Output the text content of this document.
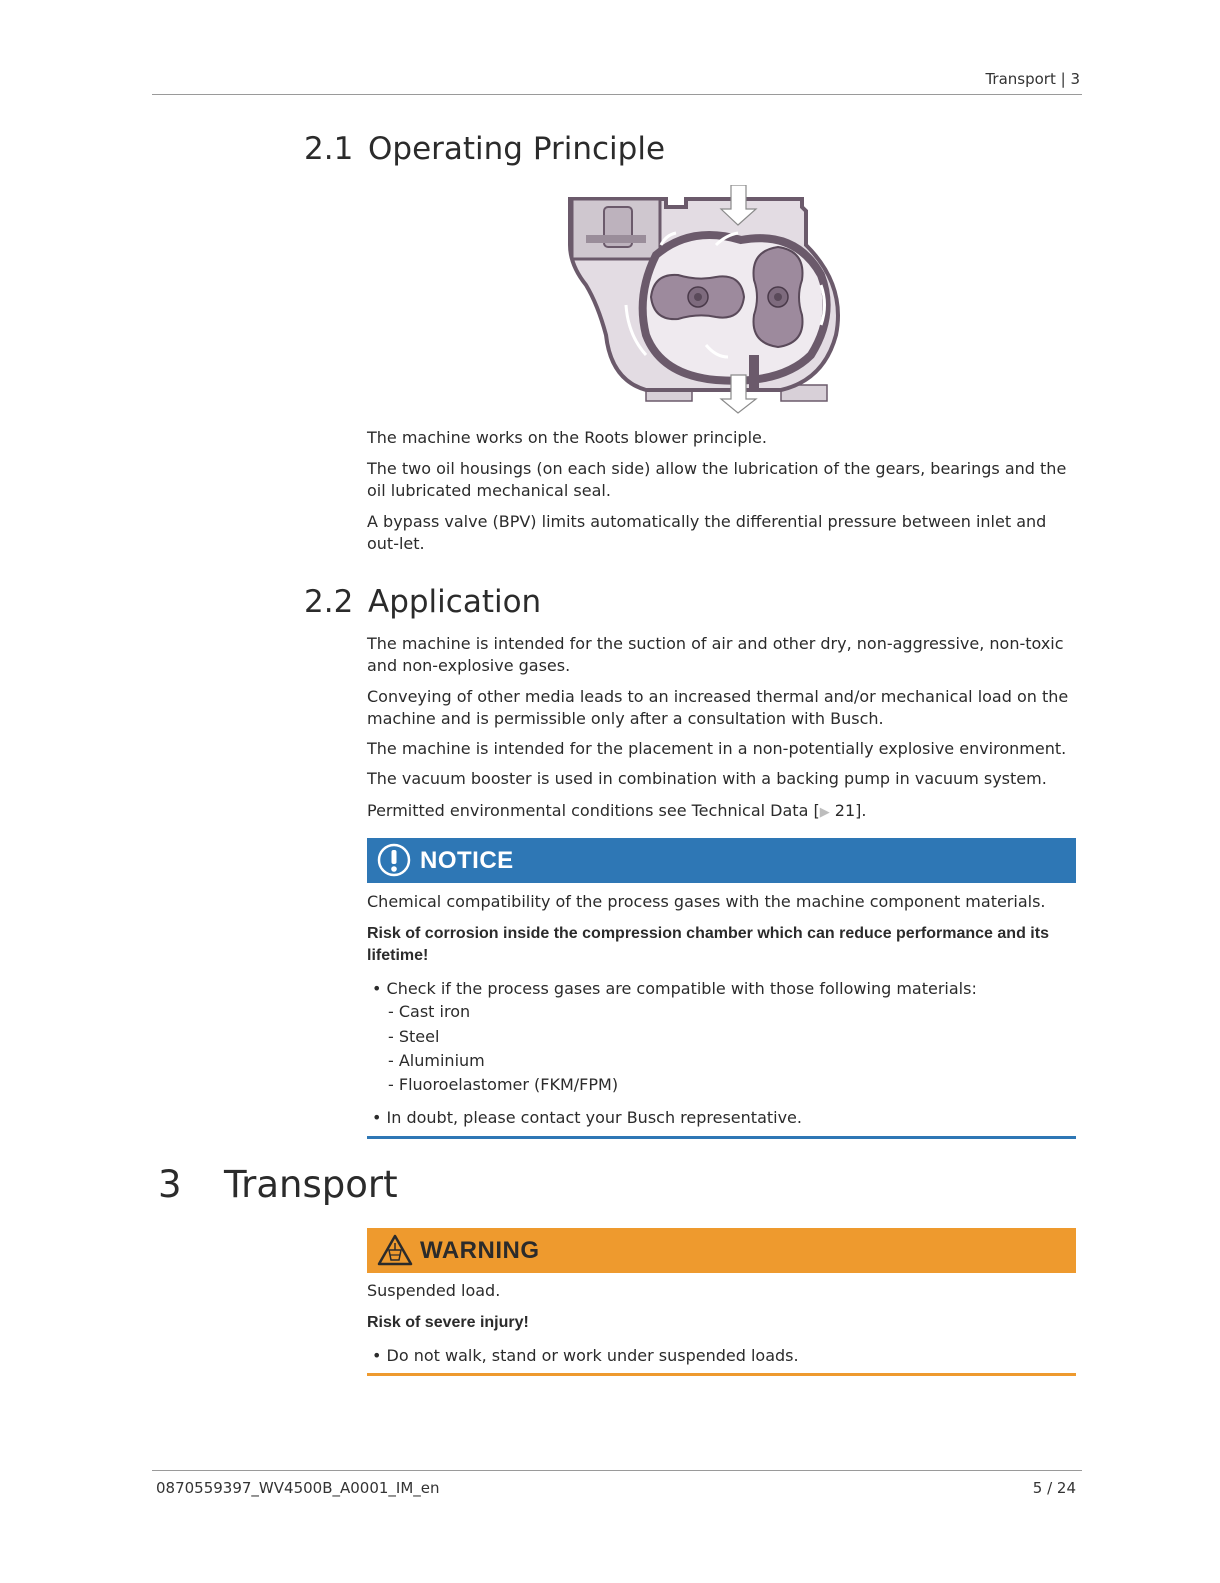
Transport | 3
2.1 Operating Principle

The machine works on the Roots blower principle.

The two oil housings (on each side) allow the lubrication of the gears, bearings and the oil lubricated mechanical seal.

A bypass valve (BPV) limits automatically the differential pressure between inlet and out-let.

2.2 Application

The machine is intended for the suction of air and other dry, non-aggressive, non-toxic and non-explosive gases.

Conveying of other media leads to an increased thermal and/or mechanical load on the machine and is permissible only after a consultation with Busch.

The machine is intended for the placement in a non-potentially explosive environment.

The vacuum booster is used in combination with a backing pump in vacuum system.

Permitted environmental conditions see Technical Data [▶ 21].

NOTICE

Chemical compatibility of the process gases with the machine component materials.

Risk of corrosion inside the compression chamber which can reduce performance and its lifetime!

• Check if the process gases are compatible with those following materials:
- Cast iron
- Steel
- Aluminium
- Fluoroelastomer (FKM/FPM)
• In doubt, please contact your Busch representative.
3 Transport
WARNING

Suspended load.

Risk of severe injury!

• Do not walk, stand or work under suspended loads.
0870559397_WV4500B_A0001_IM_en	5 / 24
